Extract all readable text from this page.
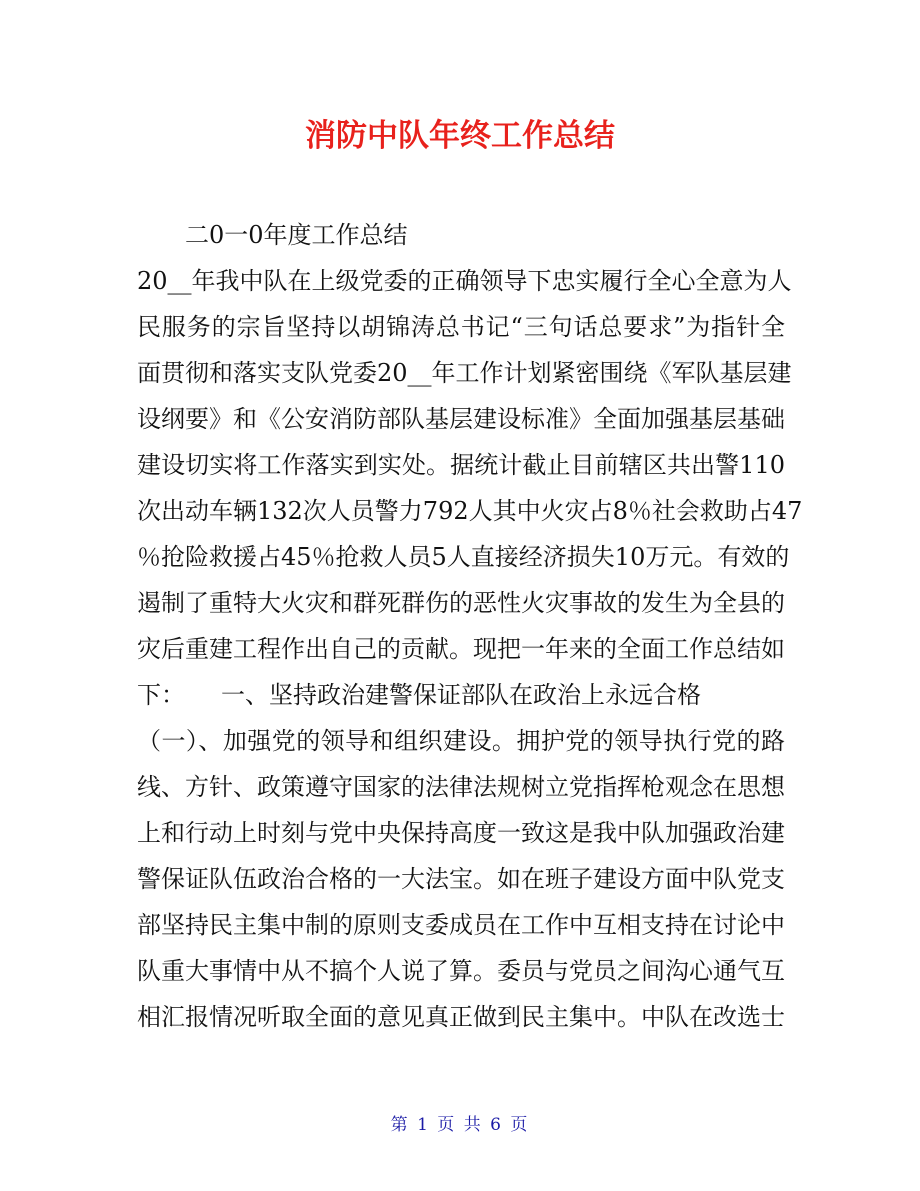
消防中队年终工作总结
二0一0年度工作总结
20__年我中队在上级党委的正确领导下忠实履行全心全意为人
民服务的宗旨坚持以胡锦涛总书记“三句话总要求”为指针全
面贯彻和落实支队党委20__年工作计划紧密围绕《军队基层建
设纲要》和《公安消防部队基层建设标准》全面加强基层基础
建设切实将工作落实到实处。据统计截止目前辖区共出警110
次出动车辆132次人员警力792人其中火灾占8％社会救助占47
％抢险救援占45％抢救人员5人直接经济损失10万元。有效的
遏制了重特大火灾和群死群伤的恶性火灾事故的发生为全县的
灾后重建工程作出自己的贡献。现把一年来的全面工作总结如
下：　　一、坚持政治建警保证部队在政治上永远合格
（一）、加强党的领导和组织建设。拥护党的领导执行党的路
线、方针、政策遵守国家的法律法规树立党指挥枪观念在思想
上和行动上时刻与党中央保持高度一致这是我中队加强政治建
警保证队伍政治合格的一大法宝。如在班子建设方面中队党支
部坚持民主集中制的原则支委成员在工作中互相支持在讨论中
队重大事情中从不搞个人说了算。委员与党员之间沟心通气互
相汇报情况听取全面的意见真正做到民主集中。中队在改选士
第 1 页 共 6 页
